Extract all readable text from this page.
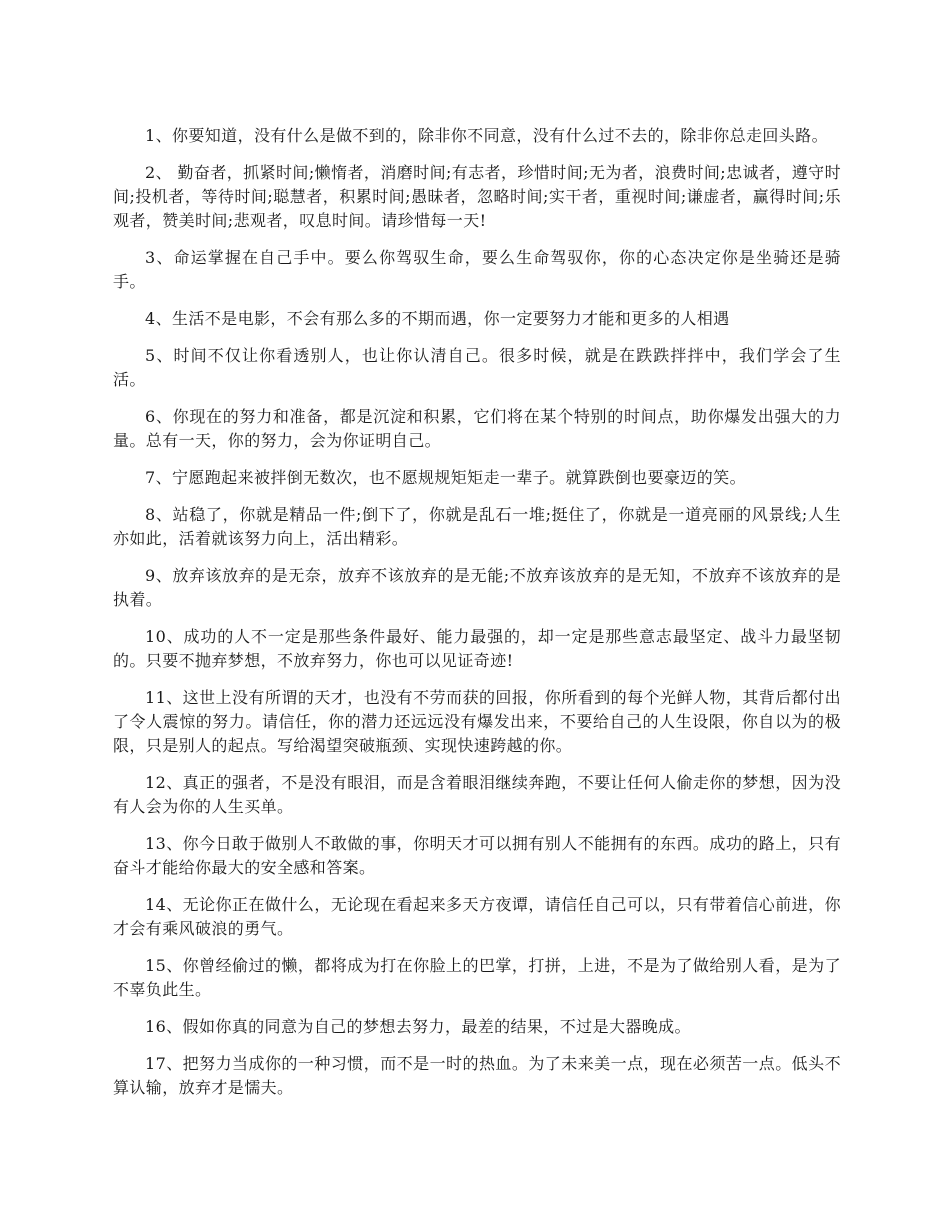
1、你要知道，没有什么是做不到的，除非你不同意，没有什么过不去的，除非你总走回头路。

2、 勤奋者，抓紧时间;懒惰者，消磨时间;有志者，珍惜时间;无为者，浪费时间;忠诚者，遵守时间;投机者，等待时间;聪慧者，积累时间;愚昧者，忽略时间;实干者，重视时间;谦虚者，赢得时间;乐观者，赞美时间;悲观者，叹息时间。请珍惜每一天!

3、命运掌握在自己手中。要么你驾驭生命，要么生命驾驭你，你的心态决定你是坐骑还是骑手。

4、生活不是电影，不会有那么多的不期而遇，你一定要努力才能和更多的人相遇

5、时间不仅让你看透别人，也让你认清自己。很多时候，就是在跌跌拌拌中，我们学会了生活。

6、你现在的努力和准备，都是沉淀和积累，它们将在某个特别的时间点，助你爆发出强大的力量。总有一天，你的努力，会为你证明自己。

7、宁愿跑起来被拌倒无数次，也不愿规规矩矩走一辈子。就算跌倒也要豪迈的笑。

8、站稳了，你就是精品一件;倒下了，你就是乱石一堆;挺住了，你就是一道亮丽的风景线;人生亦如此，活着就该努力向上，活出精彩。

9、放弃该放弃的是无奈，放弃不该放弃的是无能;不放弃该放弃的是无知，不放弃不该放弃的是执着。

10、成功的人不一定是那些条件最好、能力最强的，却一定是那些意志最坚定、战斗力最坚韧的。只要不抛弃梦想，不放弃努力，你也可以见证奇迹!

11、这世上没有所谓的天才，也没有不劳而获的回报，你所看到的每个光鲜人物，其背后都付出了令人震惊的努力。请信任，你的潜力还远远没有爆发出来，不要给自己的人生设限，你自以为的极限，只是别人的起点。写给渴望突破瓶颈、实现快速跨越的你。

12、真正的强者，不是没有眼泪，而是含着眼泪继续奔跑，不要让任何人偷走你的梦想，因为没有人会为你的人生买单。

13、你今日敢于做别人不敢做的事，你明天才可以拥有别人不能拥有的东西。成功的路上，只有奋斗才能给你最大的安全感和答案。

14、无论你正在做什么，无论现在看起来多天方夜谭，请信任自己可以，只有带着信心前进，你才会有乘风破浪的勇气。

15、你曾经偷过的懒，都将成为打在你脸上的巴掌，打拼，上进，不是为了做给别人看，是为了不辜负此生。

16、假如你真的同意为自己的梦想去努力，最差的结果，不过是大器晚成。

17、把努力当成你的一种习惯，而不是一时的热血。为了未来美一点，现在必须苦一点。低头不算认输，放弃才是懦夫。
